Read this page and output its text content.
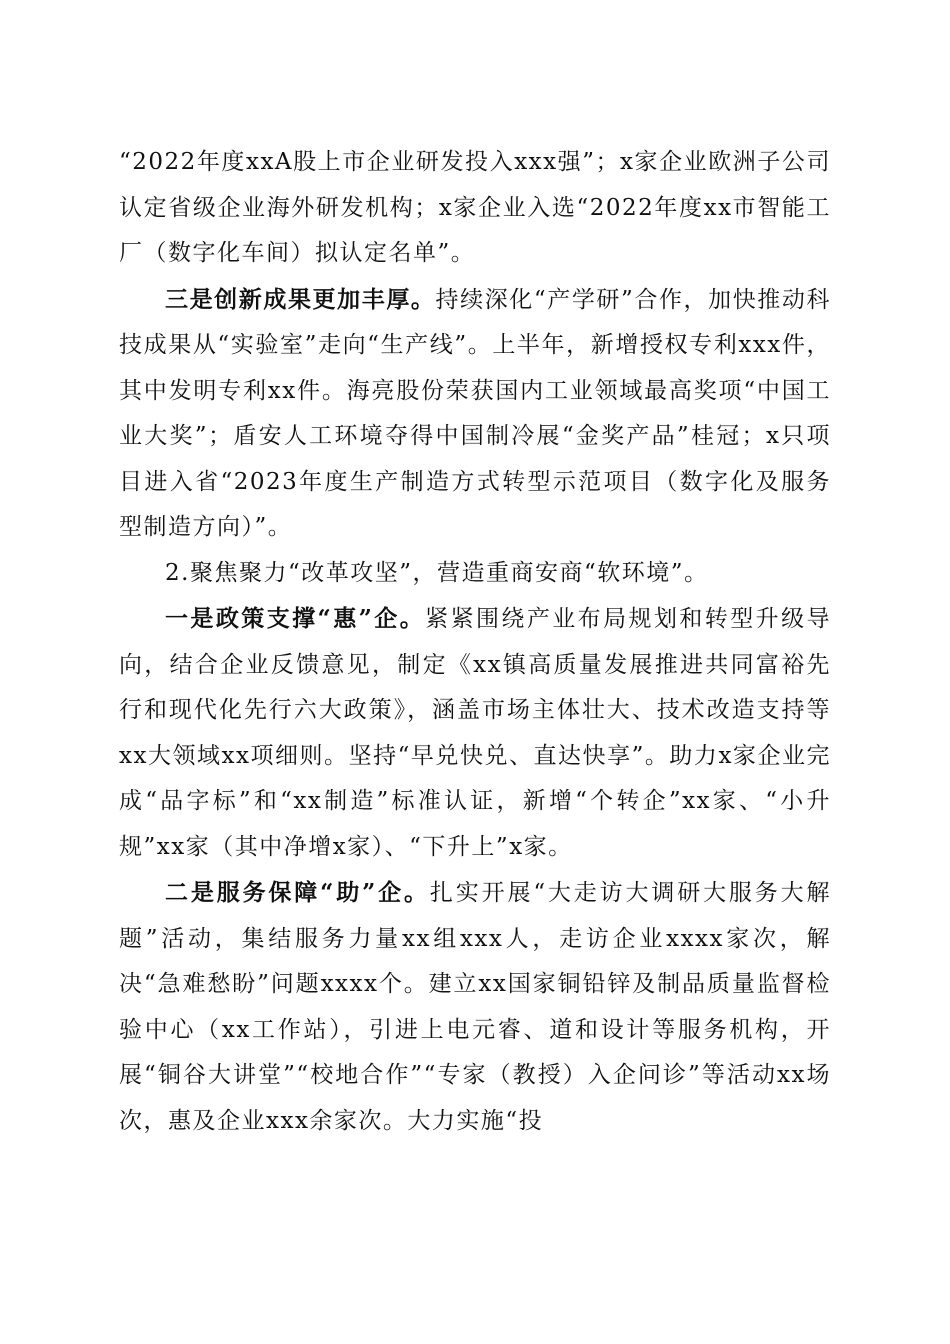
“2022年度xxA股上市企业研发投入xxx强”；x家企业欧洲子公司认定省级企业海外研发机构；x家企业入选“2022年度xx市智能工厂（数字化车间）拟认定名单”。

三是创新成果更加丰厚。持续深化“产学研”合作，加快推动科技成果从“实验室”走向“生产线”。上半年，新增授权专利xxx件，其中发明专利xx件。海亮股份荣获国内工业领域最高奖项“中国工业大奖”；盾安人工环境夺得中国制冷展“金奖产品”桂冠；x只项目进入省“2023年度生产制造方式转型示范项目（数字化及服务型制造方向）”。

2.聚焦聚力“改革攻坚”，营造重商安商“软环境”。

一是政策支撑“惠”企。紧紧围绕产业布局规划和转型升级导向，结合企业反馈意见，制定《xx镇高质量发展推进共同富裕先行和现代化先行六大政策》，涵盖市场主体壮大、技术改造支持等xx大领域xx项细则。坚持“早兑快兑、直达快享”。助力x家企业完成“品字标”和“xx制造”标准认证，新增“个转企”xx家、“小升规”xx家（其中净增x家）、“下升上”x家。

二是服务保障“助”企。扎实开展“大走访大调研大服务大解题”活动，集结服务力量xx组xxx人，走访企业xxxx家次，解决“急难愁盼”问题xxxx个。建立xx国家铜铅锌及制品质量监督检验中心（xx工作站），引进上电元睿、道和设计等服务机构，开展“铜谷大讲堂”“校地合作”“专家（教授）入企问诊”等活动xx场次，惠及企业xxx余家次。大力实施“投
